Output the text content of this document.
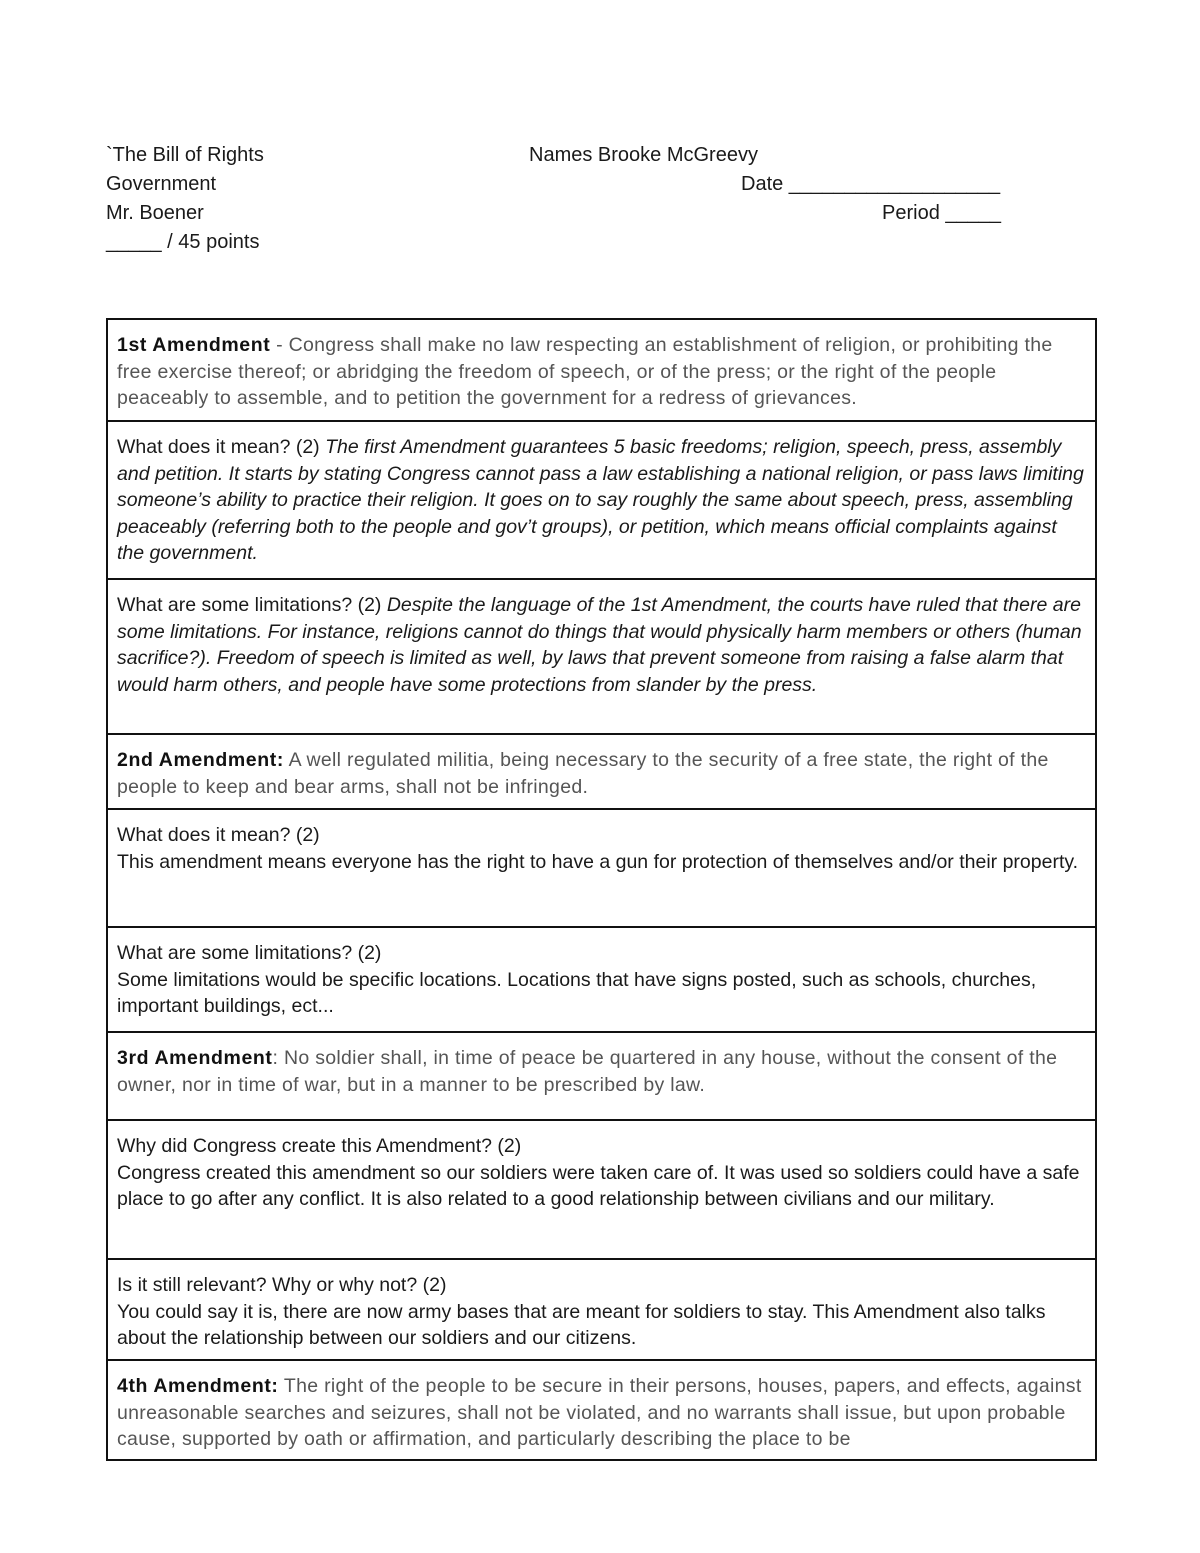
`The Bill of Rights
Government
Mr. Boener
_____ / 45 points
Names Brooke McGreevy
Date ___________________
Period _____
1st Amendment - Congress shall make no law respecting an establishment of religion, or prohibiting the free exercise thereof; or abridging the freedom of speech, or of the press; or the right of the people peaceably to assemble, and to petition the government for a redress of grievances.
What does it mean? (2) The first Amendment guarantees 5 basic freedoms; religion, speech, press, assembly and petition. It starts by stating Congress cannot pass a law establishing a national religion, or pass laws limiting someone’s ability to practice their religion. It goes on to say roughly the same about speech, press, assembling peaceably (referring both to the people and gov’t groups), or petition, which means official complaints against the government.
What are some limitations? (2) Despite the language of the 1st Amendment, the courts have ruled that there are some limitations. For instance, religions cannot do things that would physically harm members or others (human sacrifice?). Freedom of speech is limited as well, by laws that prevent someone from raising a false alarm that would harm others, and people have some protections from slander by the press.
2nd Amendment: A well regulated militia, being necessary to the security of a free state, the right of the people to keep and bear arms, shall not be infringed.
What does it mean? (2)
This amendment means everyone has the right to have a gun for protection of themselves and/or their property.
What are some limitations? (2)
Some limitations would be specific locations. Locations that have signs posted, such as schools, churches, important buildings, ect...
3rd Amendment: No soldier shall, in time of peace be quartered in any house, without the consent of the owner, nor in time of war, but in a manner to be prescribed by law.
Why did Congress create this Amendment? (2)
Congress created this amendment so our soldiers were taken care of. It was used so soldiers could have a safe place to go after any conflict. It is also related to a good relationship between civilians and our military.
Is it still relevant? Why or why not? (2)
You could say it is, there are now army bases that are meant for soldiers to stay. This Amendment also talks about the relationship between our soldiers and our citizens.
4th Amendment: The right of the people to be secure in their persons, houses, papers, and effects, against unreasonable searches and seizures, shall not be violated, and no warrants shall issue, but upon probable cause, supported by oath or affirmation, and particularly describing the place to be
